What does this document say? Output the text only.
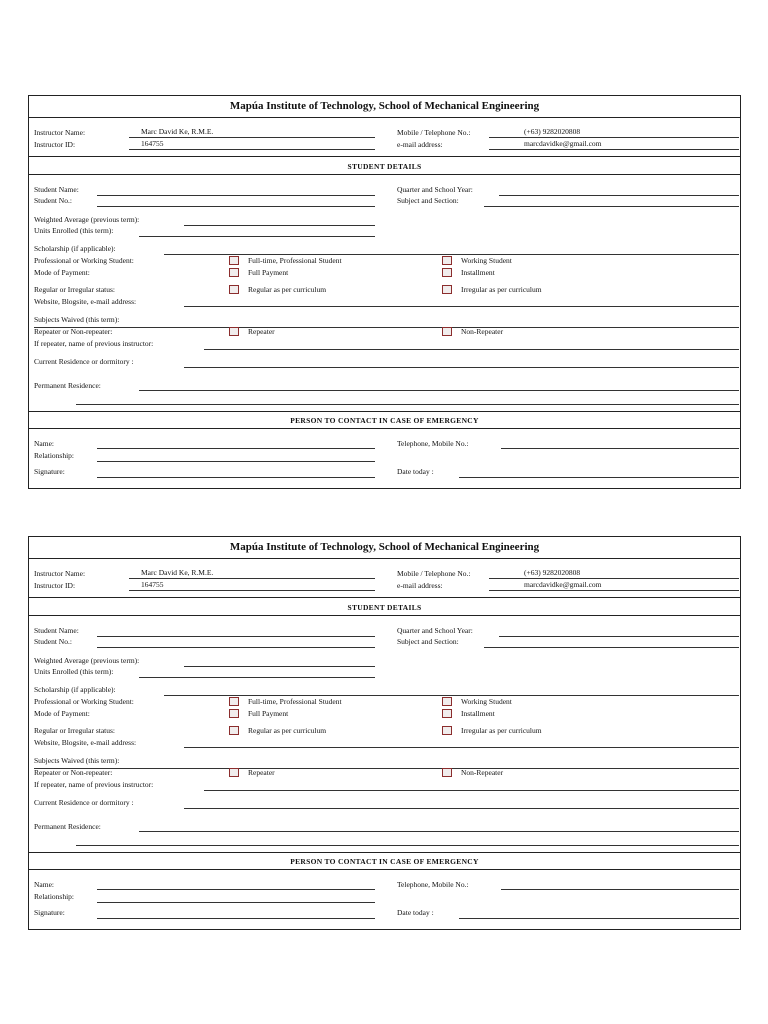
Mapúa Institute of Technology, School of Mechanical Engineering
Instructor Name:	Marc David Ke, R.M.E.
Instructor ID:	164755
Mobile / Telephone No.:	(+63) 9282020808
e-mail address:	marcdavidke@gmail.com
STUDENT DETAILS
Student Name:
Student No.:
Quarter and School Year:
Subject and Section:
Weighted Average (previous term):
Units Enrolled (this term):
Scholarship (if applicable):
Professional or Working Student:	Full-time, Professional Student	Working Student
Mode of Payment:	Full Payment	Installment
Regular or Irregular status:	Regular as per curriculum	Irregular as per curriculum
Website, Blogsite, e-mail address:
Subjects Waived (this term):
Repeater or Non-repeater:	Repeater	Non-Repeater
If repeater, name of previous instructor:
Current Residence or dormitory :
Permanent Residence:
PERSON TO CONTACT IN CASE OF EMERGENCY
Name:	Telephone, Mobile No.:
Relationship:
Signature:	Date today :
Mapúa Institute of Technology, School of Mechanical Engineering
Instructor Name:	Marc David Ke, R.M.E.
Instructor ID:	164755
Mobile / Telephone No.:	(+63) 9282020808
e-mail address:	marcdavidke@gmail.com
STUDENT DETAILS
Student Name:
Student No.:
Quarter and School Year:
Subject and Section:
Weighted Average (previous term):
Units Enrolled (this term):
Scholarship (if applicable):
Professional or Working Student:	Full-time, Professional Student	Working Student
Mode of Payment:	Full Payment	Installment
Regular or Irregular status:	Regular as per curriculum	Irregular as per curriculum
Website, Blogsite, e-mail address:
Subjects Waived (this term):
Repeater or Non-repeater:	Repeater	Non-Repeater
If repeater, name of previous instructor:
Current Residence or dormitory :
Permanent Residence:
PERSON TO CONTACT IN CASE OF EMERGENCY
Name:	Telephone, Mobile No.:
Relationship:
Signature:	Date today :
